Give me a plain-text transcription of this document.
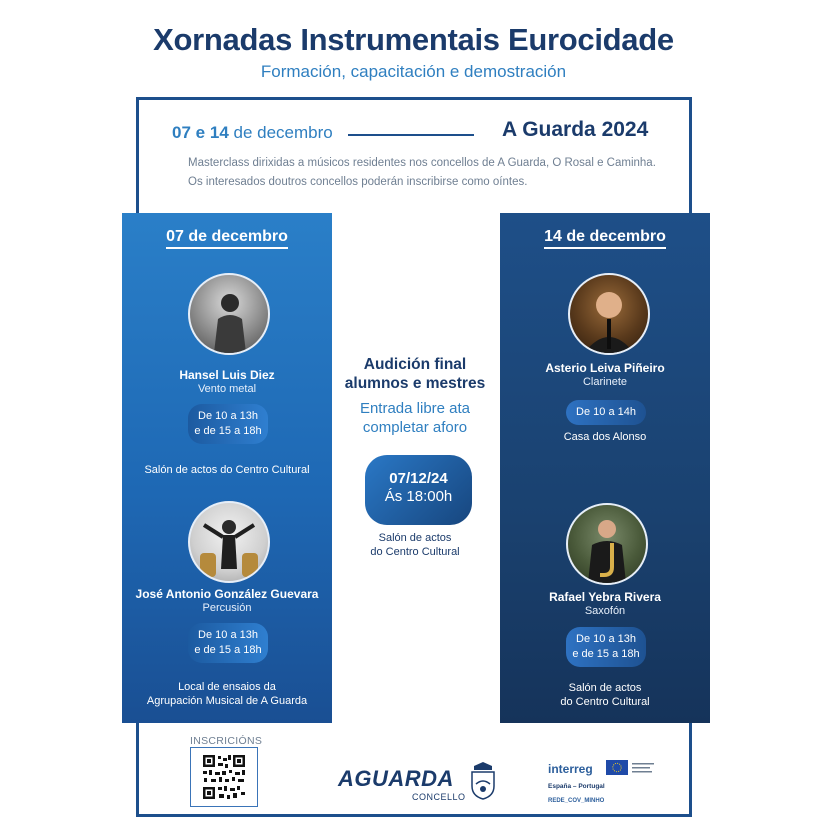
Xornadas Instrumentais Eurocidade
Formación, capacitación e demostración
07 e 14 de decembro	A Guarda 2024
Masterclass dirixidas a músicos residentes nos concellos de A Guarda, O Rosal e Caminha. Os interesados doutros concellos poderán inscribirse como oíntes.
07 de decembro
Hansel Luis Diez
Vento metal
De 10 a 13h
e de 15 a 18h
Salón de actos do Centro Cultural
José Antonio González Guevara
Percusión
De 10 a 13h
e de 15 a 18h
Local de ensaios da
Agrupación Musical de A Guarda
Audición final
alumnos e mestres
Entrada libre ata
completar aforo
07/12/24
Ás 18:00h
Salón de actos
do Centro Cultural
14 de decembro
Asterio Leiva Piñeiro
Clarinete
De 10 a 14h
Casa dos Alonso
Rafael Yebra Rivera
Saxofón
De 10 a 13h
e de 15 a 18h
Salón de actos
do Centro Cultural
INSCRICIÓNS
AGUARDA
CONCELLO
interreg
España – Portugal
REDE_COV_MINHO
